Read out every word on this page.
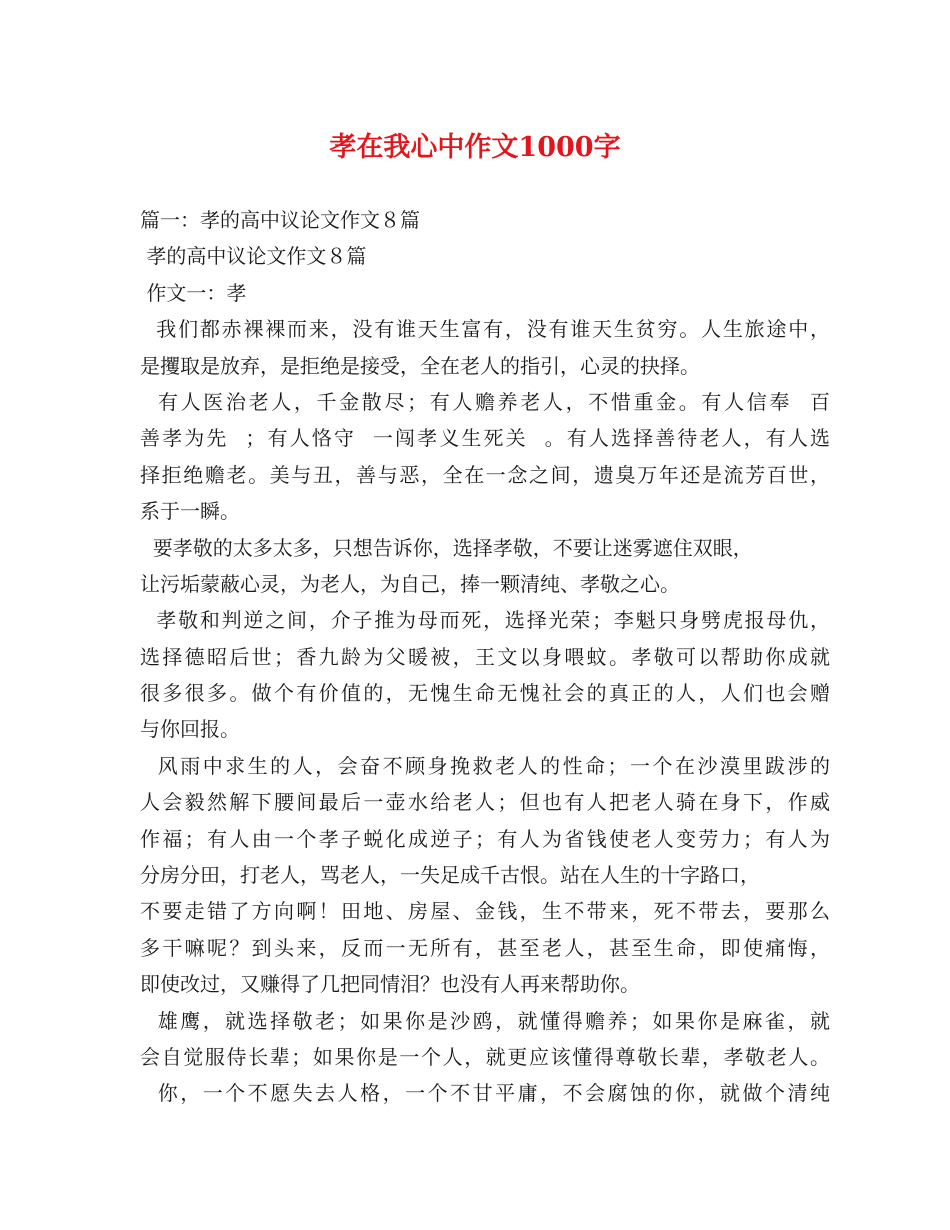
孝在我心中作文1000字
篇一：孝的高中议论文作文８篇
孝的高中议论文作文８篇
作文一：孝
我们都赤裸裸而来，没有谁天生富有，没有谁天生贫穷。人生旅途中，
是攫取是放弃，是拒绝是接受，全在老人的指引，心灵的抉择。
有人医治老人，千金散尽；有人赡养老人，不惜重金。有人信奉  百
善孝为先  ；有人恪守  一闯孝义生死关  。有人选择善待老人，有人选
择拒绝赡老。美与丑，善与恶，全在一念之间，遗臭万年还是流芳百世，
系于一瞬。
要孝敬的太多太多，只想告诉你，选择孝敬，不要让迷雾遮住双眼，
让污垢蒙蔽心灵，为老人，为自己，捧一颗清纯、孝敬之心。
孝敬和判逆之间，介子推为母而死，选择光荣；李魁只身劈虎报母仇，
选择德昭后世；香九龄为父暖被，王文以身喂蚊。孝敬可以帮助你成就
很多很多。做个有价值的，无愧生命无愧社会的真正的人，人们也会赠
与你回报。
风雨中求生的人，会奋不顾身挽救老人的性命；一个在沙漠里跋涉的
人会毅然解下腰间最后一壶水给老人；但也有人把老人骑在身下，作威
作福；有人由一个孝子蜕化成逆子；有人为省钱使老人变劳力；有人为
分房分田，打老人，骂老人，一失足成千古恨。站在人生的十字路口，
不要走错了方向啊！田地、房屋、金钱，生不带来，死不带去，要那么
多干嘛呢？到头来，反而一无所有，甚至老人，甚至生命，即使痛悔，
即使改过，又赚得了几把同情泪？也没有人再来帮助你。
雄鹰，就选择敬老；如果你是沙鸥，就懂得赡养；如果你是麻雀，就
会自觉服侍长辈；如果你是一个人，就更应该懂得尊敬长辈，孝敬老人。
你，一个不愿失去人格，一个不甘平庸，不会腐蚀的你，就做个清纯
